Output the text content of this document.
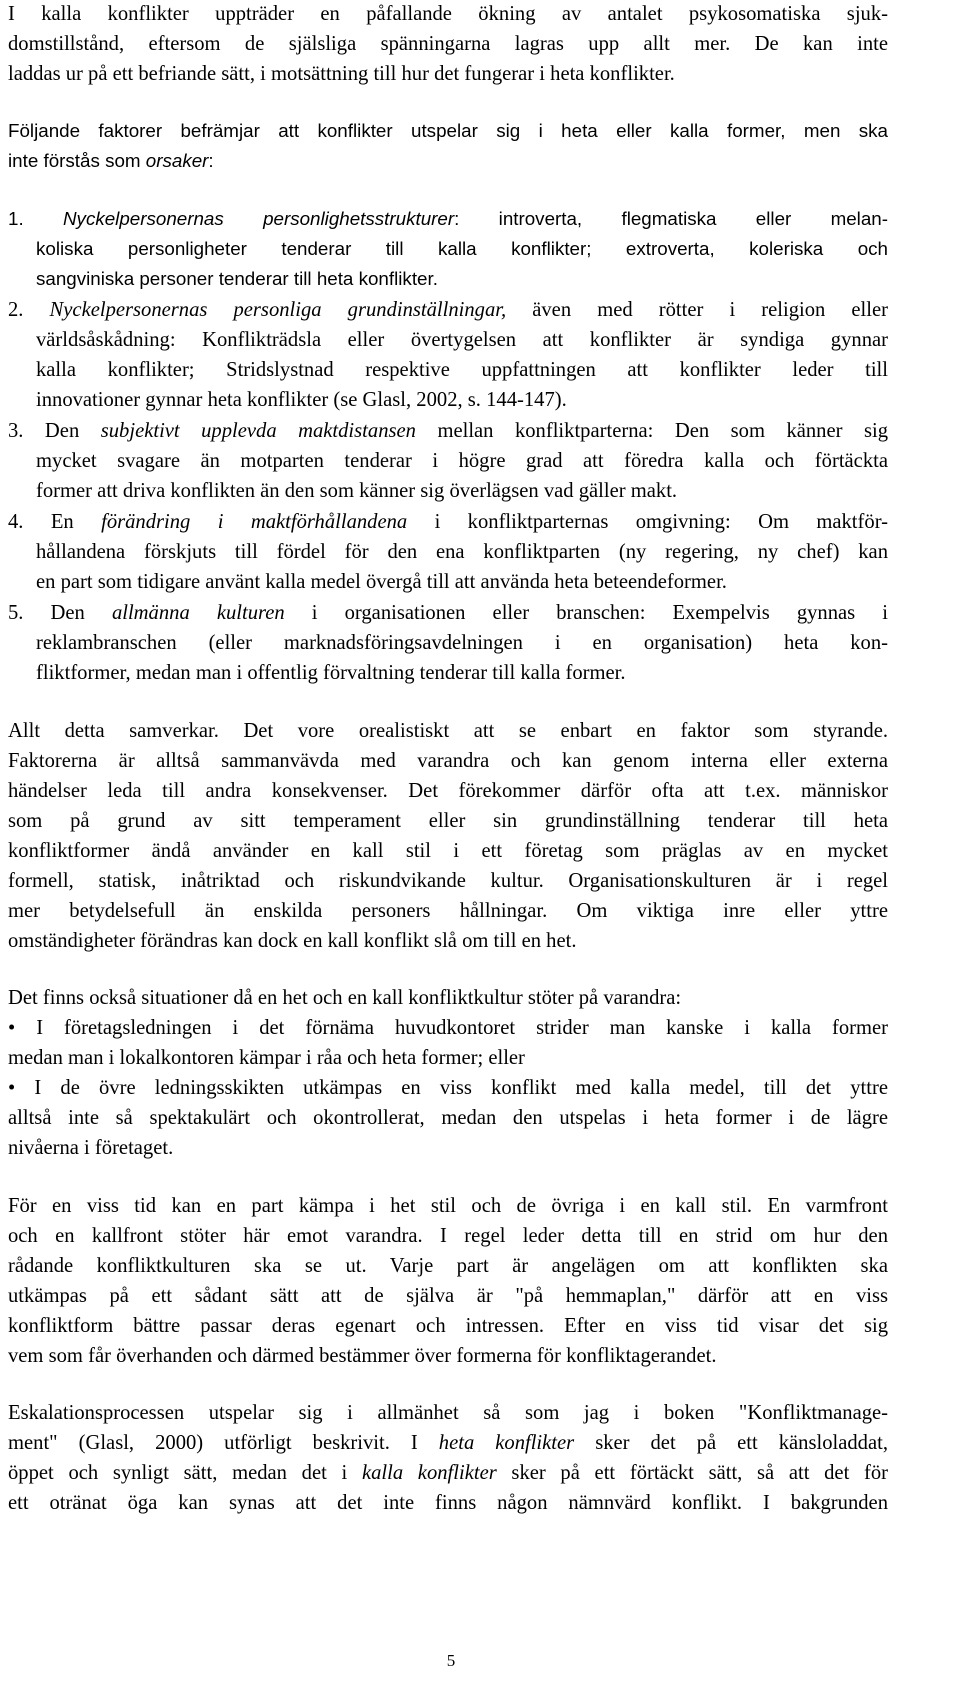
I kalla konflikter uppträder en påfallande ökning av antalet psykosomatiska sjuk-
domstillstånd, eftersom de själsliga spänningarna lagras upp allt mer. De kan inte
laddas ur på ett befriande sätt, i motsättning till hur det fungerar i heta konflikter.
Följande faktorer befrämjar att konflikter utspelar sig i heta eller kalla former, men ska
inte förstås som orsaker:
1. Nyckelpersonernas personlighetsstrukturer: introverta, flegmatiska eller melan-
koliska personligheter tenderar till kalla konflikter; extroverta, koleriska och
sangviniska personer tenderar till heta konflikter.
2. Nyckelpersonernas personliga grundinställningar, även med rötter i religion eller
världsåskådning: Konflikträdsla eller övertygelsen att konflikter är syndiga gynnar
kalla konflikter; Stridslystnad respektive uppfattningen att konflikter leder till
innovationer gynnar heta konflikter (se Glasl, 2002, s. 144-147).
3. Den subjektivt upplevda maktdistansen mellan konfliktparterna: Den som känner sig
mycket svagare än motparten tenderar i högre grad att föredra kalla och förtäckta
former att driva konflikten än den som känner sig överlägsen vad gäller makt.
4. En förändring i maktförhållandena i konfliktparternas omgivning: Om maktför-
hållandena förskjuts till fördel för den ena konfliktparten (ny regering, ny chef) kan
en part som tidigare använt kalla medel övergå till att använda heta beteendeformer.
5. Den allmänna kulturen i organisationen eller branschen: Exempelvis gynnas i
reklambranschen (eller marknadsföringsavdelningen i en organisation) heta kon-
fliktformer, medan man i offentlig förvaltning tenderar till kalla former.
Allt detta samverkar. Det vore orealistiskt att se enbart en faktor som styrande.
Faktorerna är alltså sammanvävda med varandra och kan genom interna eller externa
händelser leda till andra konsekvenser. Det förekommer därför ofta att t.ex. människor
som på grund av sitt temperament eller sin grundinställning tenderar till heta
konfliktformer ändå använder en kall stil i ett företag som präglas av en mycket
formell, statisk, inåtriktad och riskundvikande kultur. Organisationskulturen är i regel
mer betydelsefull än enskilda personers hållningar. Om viktiga inre eller yttre
omständigheter förändras kan dock en kall konflikt slå om till en het.
Det finns också situationer då en het och en kall konfliktkultur stöter på varandra:
• I företagsledningen i det förnäma huvudkontoret strider man kanske i kalla former
medan man i lokalkontoren kämpar i råa och heta former; eller
• I de övre ledningsskikten utkämpas en viss konflikt med kalla medel, till det yttre
alltså inte så spektakulärt och okontrollerat, medan den utspelas i heta former i de lägre
nivåerna i företaget.
För en viss tid kan en part kämpa i het stil och de övriga i en kall stil. En varmfront
och en kallfront stöter här emot varandra. I regel leder detta till en strid om hur den
rådande konfliktkulturen ska se ut. Varje part är angelägen om att konflikten ska
utkämpas på ett sådant sätt att de själva är "på hemmaplan," därför att en viss
konfliktform bättre passar deras egenart och intressen. Efter en viss tid visar det sig
vem som får överhanden och därmed bestämmer över formerna för konfliktagerandet.
Eskalationsprocessen utspelar sig i allmänhet så som jag i boken "Konfliktmanage-
ment" (Glasl, 2000) utförligt beskrivit. I heta konflikter sker det på ett känsloladdat,
öppet och synligt sätt, medan det i kalla konflikter sker på ett förtäckt sätt, så att det för
ett otränat öga kan synas att det inte finns någon nämnvärd konflikt. I bakgrunden
5
